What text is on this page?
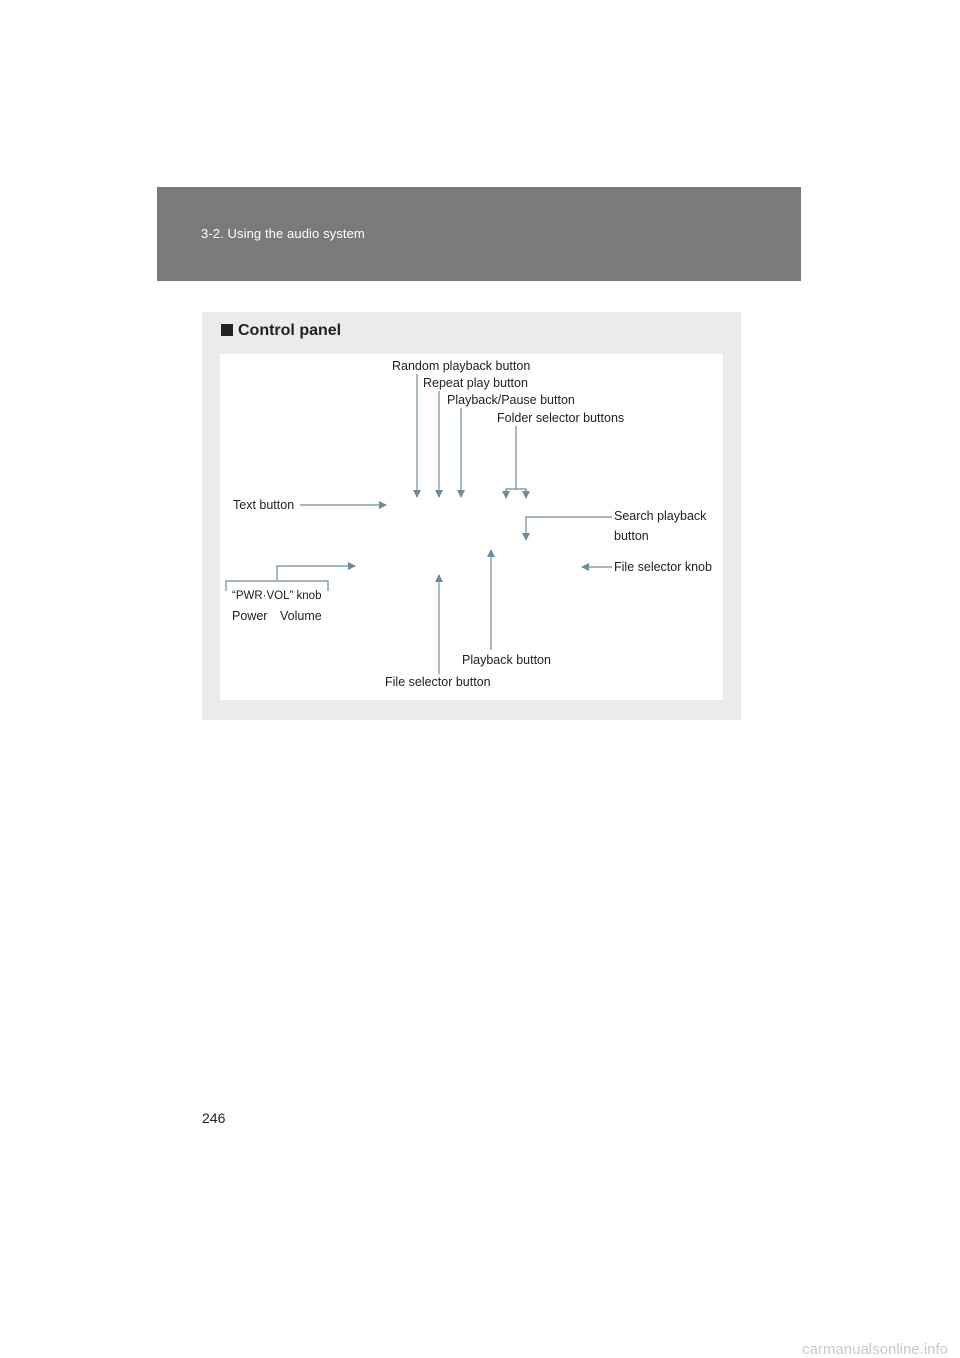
3-2. Using the audio system
Control panel
Random playback button
Repeat play button
Playback/Pause button
Folder selector buttons
Text button
Search playback
button
File selector knob
“PWR·VOL” knob
Power Volume
Playback button
File selector button
246
carmanualsonline.info
